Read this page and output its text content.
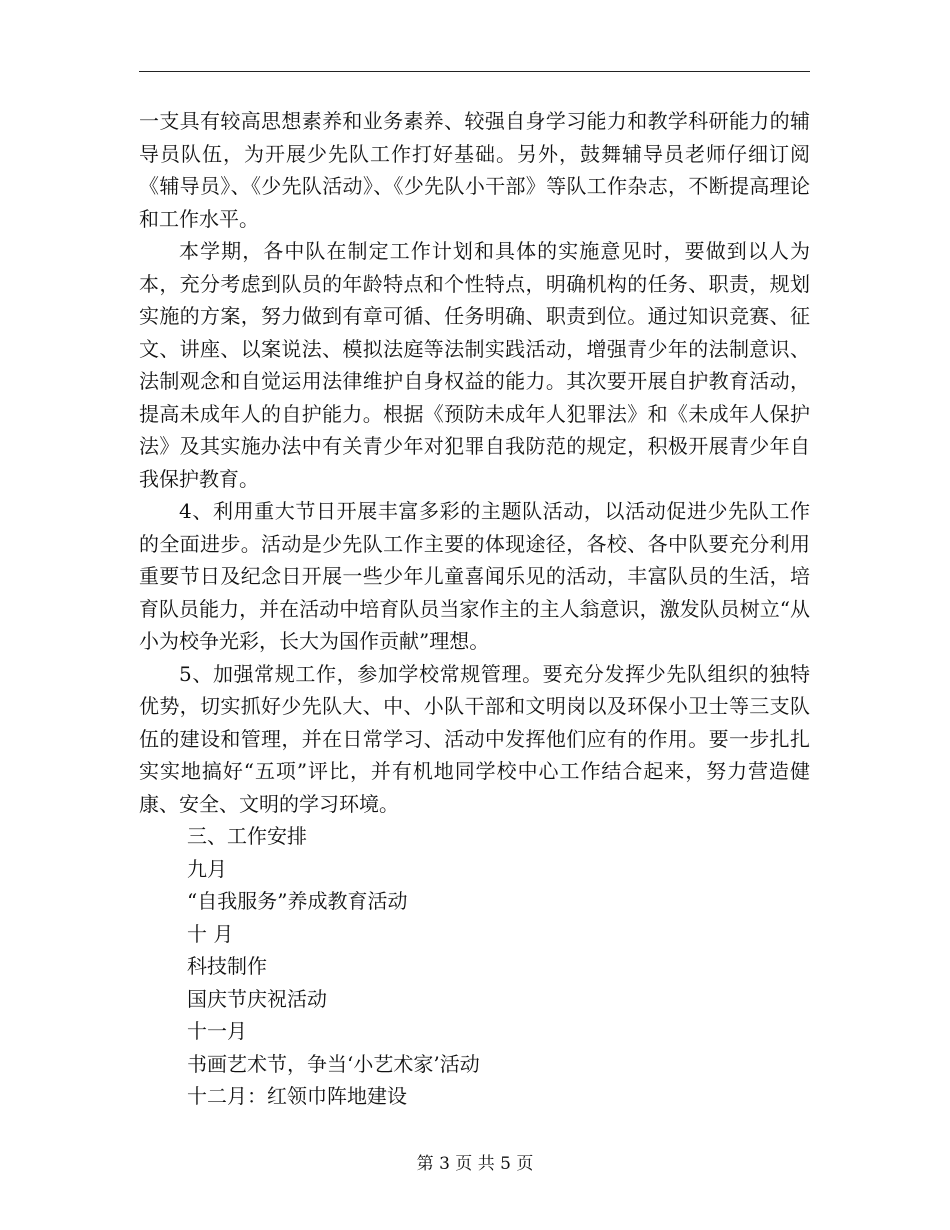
一支具有较高思想素养和业务素养、较强自身学习能力和教学科研能力的辅导员队伍，为开展少先队工作打好基础。另外，鼓舞辅导员老师仔细订阅《辅导员》、《少先队活动》、《少先队小干部》等队工作杂志，不断提高理论和工作水平。

本学期，各中队在制定工作计划和具体的实施意见时，要做到以人为本，充分考虑到队员的年龄特点和个性特点，明确机构的任务、职责，规划实施的方案，努力做到有章可循、任务明确、职责到位。通过知识竞赛、征文、讲座、以案说法、模拟法庭等法制实践活动，增强青少年的法制意识、法制观念和自觉运用法律维护自身权益的能力。其次要开展自护教育活动，提高未成年人的自护能力。根据《预防未成年人犯罪法》和《未成年人保护法》及其实施办法中有关青少年对犯罪自我防范的规定，积极开展青少年自我保护教育。

4、利用重大节日开展丰富多彩的主题队活动，以活动促进少先队工作的全面进步。活动是少先队工作主要的体现途径，各校、各中队要充分利用重要节日及纪念日开展一些少年儿童喜闻乐见的活动，丰富队员的生活，培育队员能力，并在活动中培育队员当家作主的主人翁意识，激发队员树立“从小为校争光彩，长大为国作贡献”理想。

5、加强常规工作，参加学校常规管理。要充分发挥少先队组织的独特优势，切实抓好少先队大、中、小队干部和文明岗以及环保小卫士等三支队伍的建设和管理，并在日常学习、活动中发挥他们应有的作用。要一步扎扎实实地搞好“五项”评比，并有机地同学校中心工作结合起来，努力营造健康、安全、文明的学习环境。

三、工作安排

九月

“自我服务”养成教育活动

十 月

科技制作

国庆节庆祝活动

十一月

书画艺术节，争当‘小艺术家’活动

十二月：红领巾阵地建设

第 3 页 共 5 页
